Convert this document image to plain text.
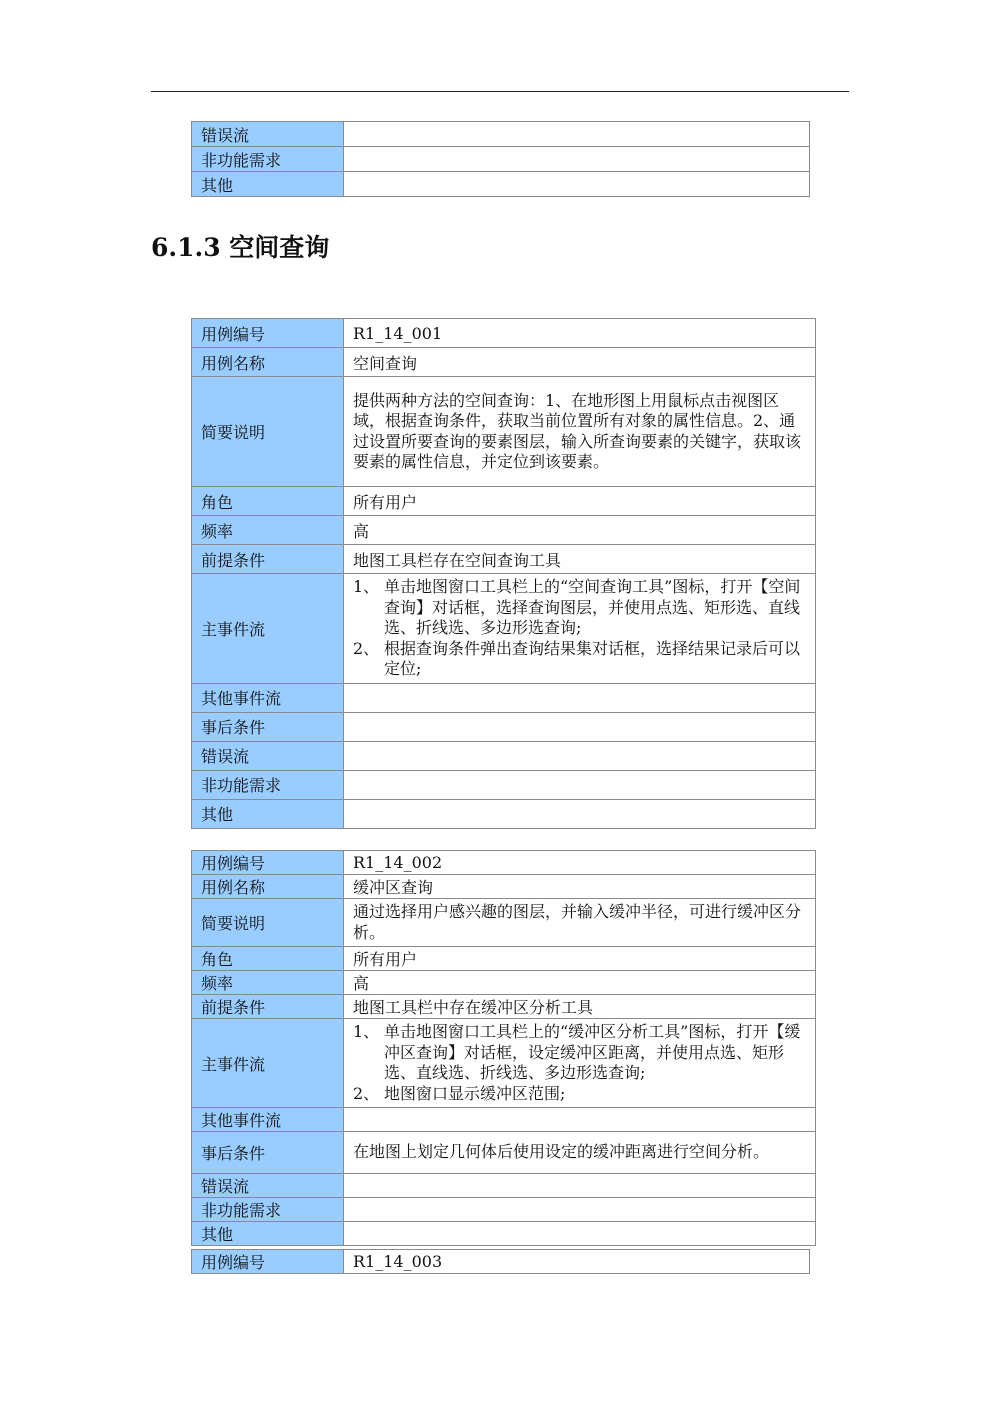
错误流	
非功能需求	
其他	
6.1.3 空间查询
用例编号	R1_14_001
用例名称	空间查询
简要说明	提供两种方法的空间查询：1、在地形图上用鼠标点击视图区域，根据查询条件，获取当前位置所有对象的属性信息。2、通过设置所要查询的要素图层，输入所查询要素的关键字，获取该要素的属性信息，并定位到该要素。
角色	所有用户
频率	高
前提条件	地图工具栏存在空间查询工具
主事件流	1、 单击地图窗口工具栏上的“空间查询工具”图标，打开【空间查询】对话框，选择查询图层，并使用点选、矩形选、直线选、折线选、多边形选查询;
2、 根据查询条件弹出查询结果集对话框，选择结果记录后可以定位;

其他事件流	
事后条件	
错误流	
非功能需求	
其他	
用例编号	R1_14_002
用例名称	缓冲区查询
简要说明	通过选择用户感兴趣的图层，并输入缓冲半径，可进行缓冲区分析。
角色	所有用户
频率	高
前提条件	地图工具栏中存在缓冲区分析工具
主事件流	1、 单击地图窗口工具栏上的“缓冲区分析工具”图标，打开【缓冲区查询】对话框，设定缓冲区距离，并使用点选、矩形选、直线选、折线选、多边形选查询;
2、 地图窗口显示缓冲区范围;

其他事件流	
事后条件	在地图上划定几何体后使用设定的缓冲距离进行空间分析。
错误流	
非功能需求	
其他	
用例编号	R1_14_003
